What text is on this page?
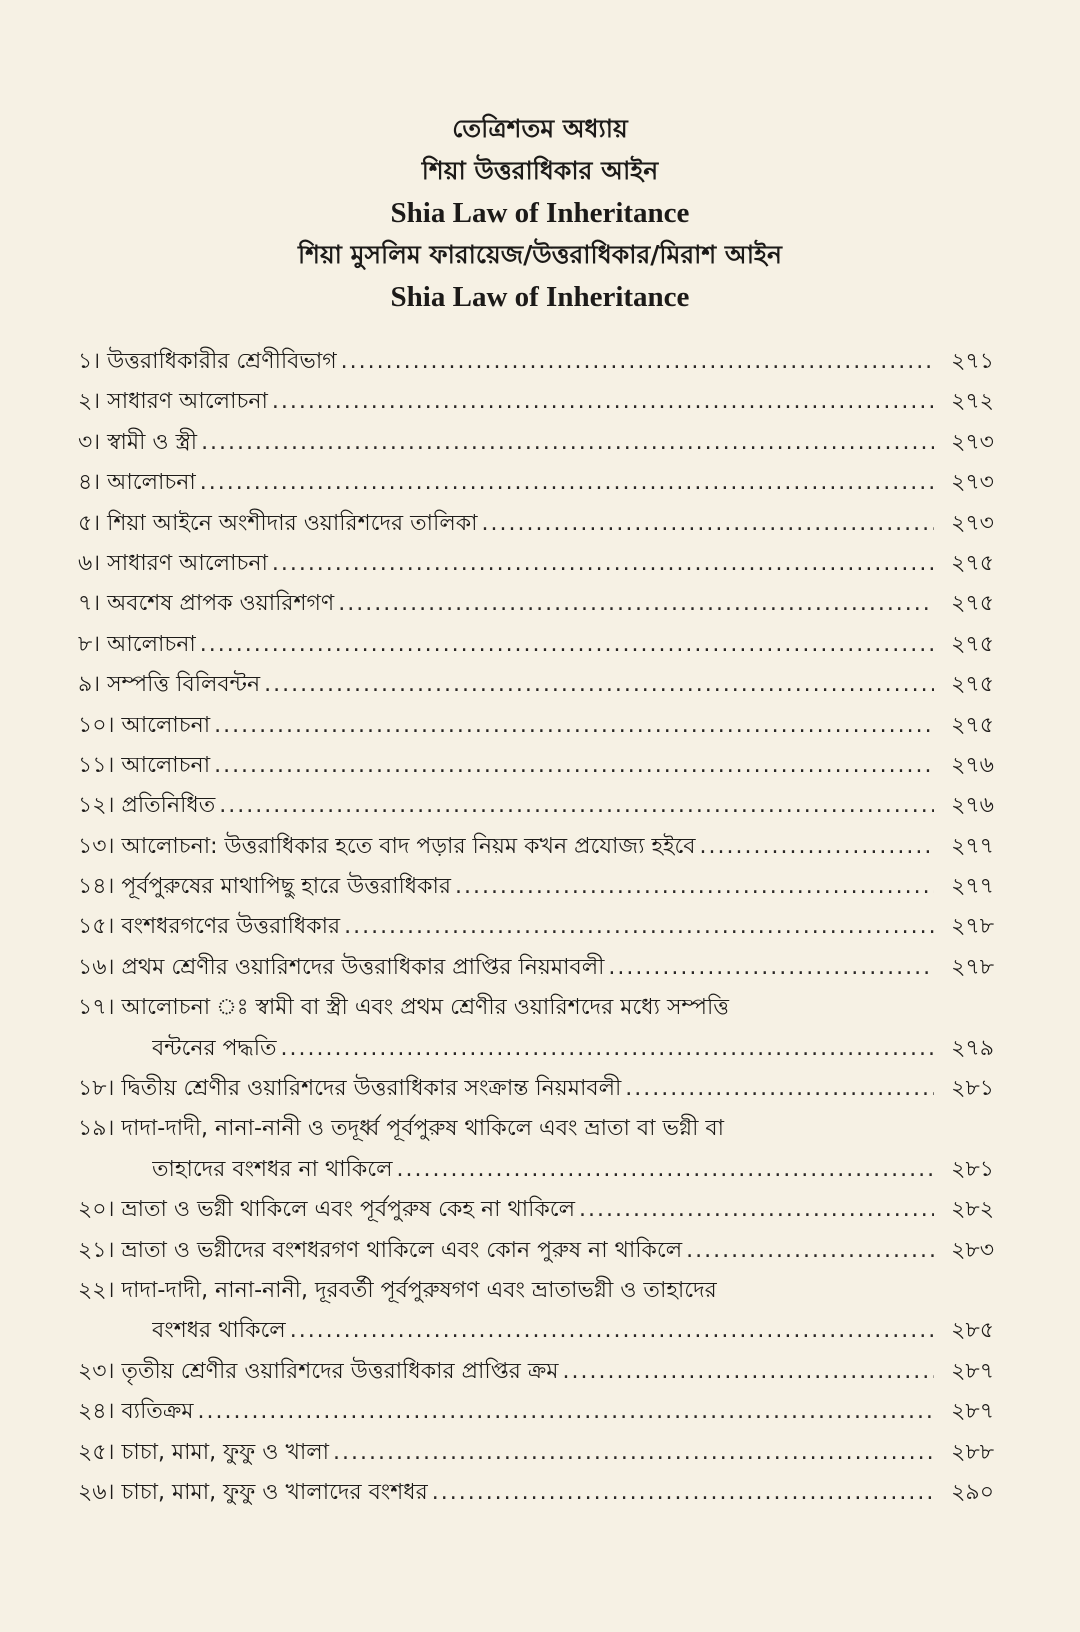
তেত্রিশতম অধ্যায়
শিয়া উত্তরাধিকার আইন
Shia Law of Inheritance
শিয়া মুসলিম ফারায়েজ/উত্তরাধিকার/মিরাশ আইন
Shia Law of Inheritance
১। উত্তরাধিকারীর শ্রেণীবিভাগ .....	২৭১
২। সাধারণ আলোচনা .....	২৭২
৩। স্বামী ও স্ত্রী .....	২৭৩
৪। আলোচনা .....	২৭৩
৫। শিয়া আইনে অংশীদার ওয়ারিশদের তালিকা .....	২৭৩
৬। সাধারণ আলোচনা .....	২৭৫
৭। অবশেষ প্রাপক ওয়ারিশগণ .....	২৭৫
৮। আলোচনা .....	২৭৫
৯। সম্পত্তি বিলিবন্টন .....	২৭৫
১০। আলোচনা .....	২৭৫
১১। আলোচনা .....	২৭৬
১২। প্রতিনিধিত .....	২৭৬
১৩। আলোচনা: উত্তরাধিকার হতে বাদ পড়ার নিয়ম কখন প্রযোজ্য হইবে .....	২৭৭
১৪। পূর্বপুরুষের মাথাপিছু হারে উত্তরাধিকার .....	২৭৭
১৫। বংশধরগণের উত্তরাধিকার .....	২৭৮
১৬। প্রথম শ্রেণীর ওয়ারিশদের উত্তরাধিকার প্রাপ্তির নিয়মাবলী .....	২৭৮
১৭। আলোচনা ঃ স্বামী বা স্ত্রী এবং প্রথম শ্রেণীর ওয়ারিশদের মধ্যে সম্পত্তি
বন্টনের পদ্ধতি .....	২৭৯
১৮। দ্বিতীয় শ্রেণীর ওয়ারিশদের উত্তরাধিকার সংক্রান্ত নিয়মাবলী .....	২৮১
১৯। দাদা-দাদী, নানা-নানী ও তদূর্ধ্ব পূর্বপুরুষ থাকিলে এবং ভ্রাতা বা ভগ্নী বা
তাহাদের বংশধর না থাকিলে .....	২৮১
২০। ভ্রাতা ও ভগ্নী থাকিলে এবং পূর্বপুরুষ কেহ না থাকিলে .....	২৮২
২১। ভ্রাতা ও ভগ্নীদের বংশধরগণ থাকিলে এবং কোন পুরুষ না থাকিলে .....	২৮৩
২২। দাদা-দাদী, নানা-নানী, দূরবর্তী পূর্বপুরুষগণ এবং ভ্রাতাভগ্নী ও তাহাদের
বংশধর থাকিলে .....	২৮৫
২৩। তৃতীয় শ্রেণীর ওয়ারিশদের উত্তরাধিকার প্রাপ্তির ক্রম .....	২৮৭
২৪। ব্যতিক্রম .....	২৮৭
২৫। চাচা, মামা, ফুফু ও খালা .....	২৮৮
২৬। চাচা, মামা, ফুফু ও খালাদের বংশধর .....	২৯০
